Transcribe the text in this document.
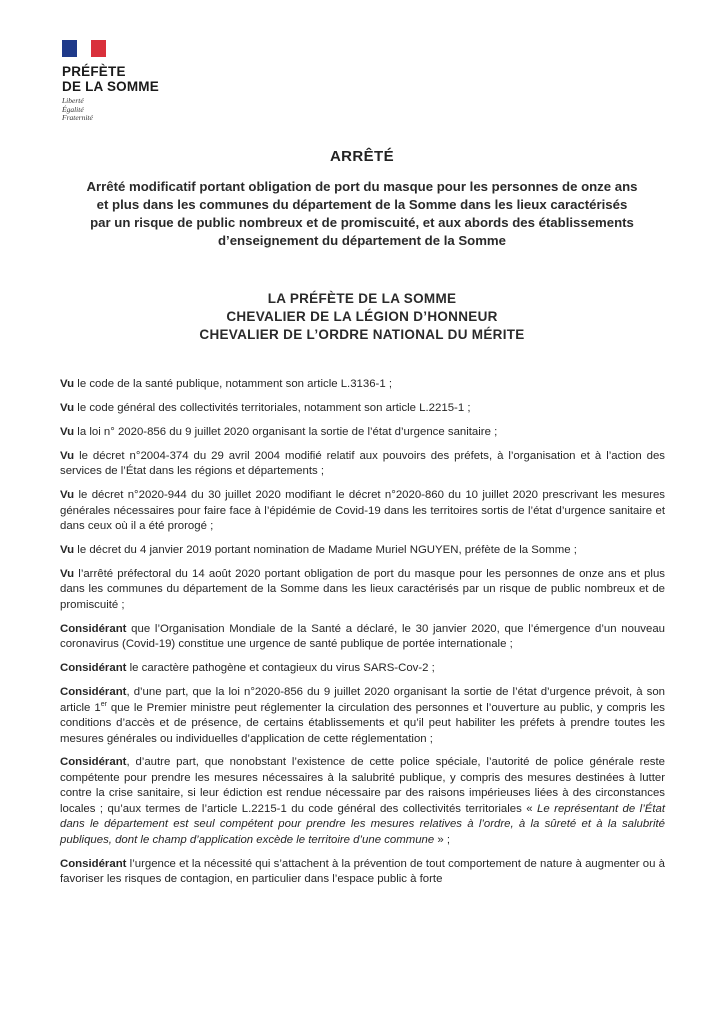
PRÉFÈTE
DE LA SOMME
Liberté
Égalité
Fraternité
ARRÊTÉ
Arrêté modificatif portant obligation de port du masque pour les personnes de onze ans et plus dans les communes du département de la Somme dans les lieux caractérisés par un risque de public nombreux et de promiscuité, et aux abords des établissements d’enseignement du département de la Somme
LA PRÉFÈTE DE LA SOMME
CHEVALIER DE LA LÉGION D’HONNEUR
CHEVALIER DE L’ORDRE NATIONAL DU MÉRITE

Vu le code de la santé publique, notamment son article L.3136-1 ;

Vu le code général des collectivités territoriales, notamment son article L.2215-1 ;

Vu la loi n° 2020-856 du 9 juillet 2020 organisant la sortie de l’état d’urgence sanitaire ;

Vu le décret n°2004-374 du 29 avril 2004 modifié relatif aux pouvoirs des préfets, à l’organisation et à l’action des services de l’État dans les régions et départements ;

Vu le décret n°2020-944 du 30 juillet 2020 modifiant le décret n°2020-860 du 10 juillet 2020 prescrivant les mesures générales nécessaires pour faire face à l’épidémie de Covid-19 dans les territoires sortis de l’état d’urgence sanitaire et dans ceux où il a été prorogé ;

Vu le décret du 4 janvier 2019 portant nomination de Madame Muriel NGUYEN, préfète de la Somme ;

Vu l’arrêté préfectoral du 14 août 2020 portant obligation de port du masque pour les personnes de onze ans et plus dans les communes du département de la Somme dans les lieux caractérisés par un risque de public nombreux et de promiscuité ;

Considérant que l’Organisation Mondiale de la Santé a déclaré, le 30 janvier 2020, que l’émergence d’un nouveau coronavirus (Covid-19) constitue une urgence de santé publique de portée internationale ;

Considérant le caractère pathogène et contagieux du virus SARS-Cov-2 ;

Considérant, d’une part, que la loi n°2020-856 du 9 juillet 2020 organisant la sortie de l’état d’urgence prévoit, à son article 1er que le Premier ministre peut réglementer la circulation des personnes et l’ouverture au public, y compris les conditions d’accès et de présence, de certains établissements et qu’il peut habiliter les préfets à prendre toutes les mesures générales ou individuelles d’application de cette réglementation ;

Considérant, d’autre part, que nonobstant l’existence de cette police spéciale, l’autorité de police générale reste compétente pour prendre les mesures nécessaires à la salubrité publique, y compris des mesures destinées à lutter contre la crise sanitaire, si leur édiction est rendue nécessaire par des raisons impérieuses liées à des circonstances locales ; qu’aux termes de l’article L.2215-1 du code général des collectivités territoriales « Le représentant de l’État dans le département est seul compétent pour prendre les mesures relatives à l’ordre, à la sûreté et à la salubrité publiques, dont le champ d’application excède le territoire d’une commune » ;

Considérant l’urgence et la nécessité qui s’attachent à la prévention de tout comportement de nature à augmenter ou à favoriser les risques de contagion, en particulier dans l’espace public à forte
